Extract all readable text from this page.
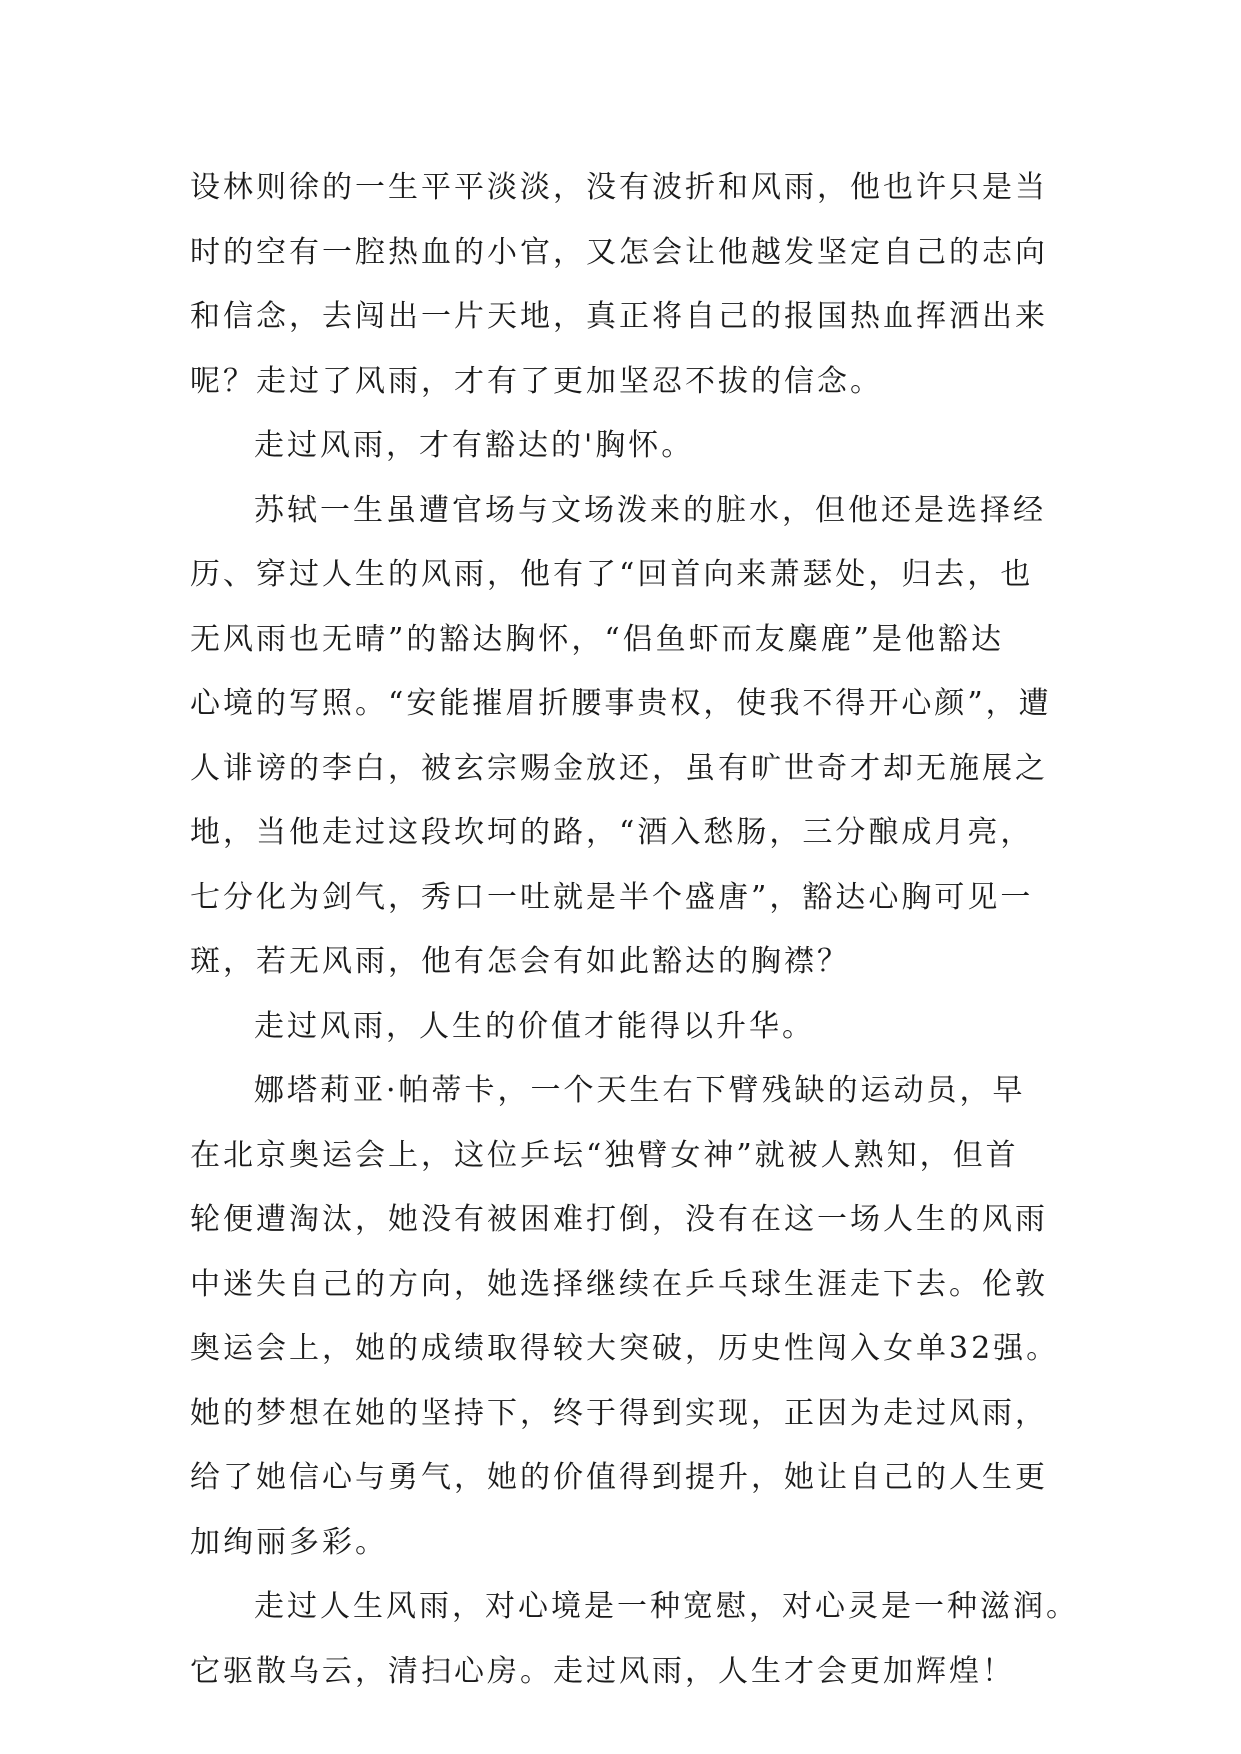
设林则徐的一生平平淡淡，没有波折和风雨，他也许只是当
时的空有一腔热血的小官，又怎会让他越发坚定自己的志向
和信念，去闯出一片天地，真正将自己的报国热血挥洒出来
呢？走过了风雨，才有了更加坚忍不拔的信念。
走过风雨，才有豁达的'胸怀。
苏轼一生虽遭官场与文场泼来的脏水，但他还是选择经
历、穿过人生的风雨，他有了“回首向来萧瑟处，归去，也
无风雨也无晴”的豁达胸怀，“侣鱼虾而友麋鹿”是他豁达
心境的写照。“安能摧眉折腰事贵权，使我不得开心颜”，遭
人诽谤的李白，被玄宗赐金放还，虽有旷世奇才却无施展之
地，当他走过这段坎坷的路，“酒入愁肠，三分酿成月亮，
七分化为剑气，秀口一吐就是半个盛唐”，豁达心胸可见一
斑，若无风雨，他有怎会有如此豁达的胸襟？
走过风雨，人生的价值才能得以升华。
娜塔莉亚·帕蒂卡，一个天生右下臂残缺的运动员，早
在北京奥运会上，这位乒坛“独臂女神”就被人熟知，但首
轮便遭淘汰，她没有被困难打倒，没有在这一场人生的风雨
中迷失自己的方向，她选择继续在乒乓球生涯走下去。伦敦
奥运会上，她的成绩取得较大突破，历史性闯入女单32强。
她的梦想在她的坚持下，终于得到实现，正因为走过风雨，
给了她信心与勇气，她的价值得到提升，她让自己的人生更
加绚丽多彩。
走过人生风雨，对心境是一种宽慰，对心灵是一种滋润。
它驱散乌云，清扫心房。走过风雨，人生才会更加辉煌！
